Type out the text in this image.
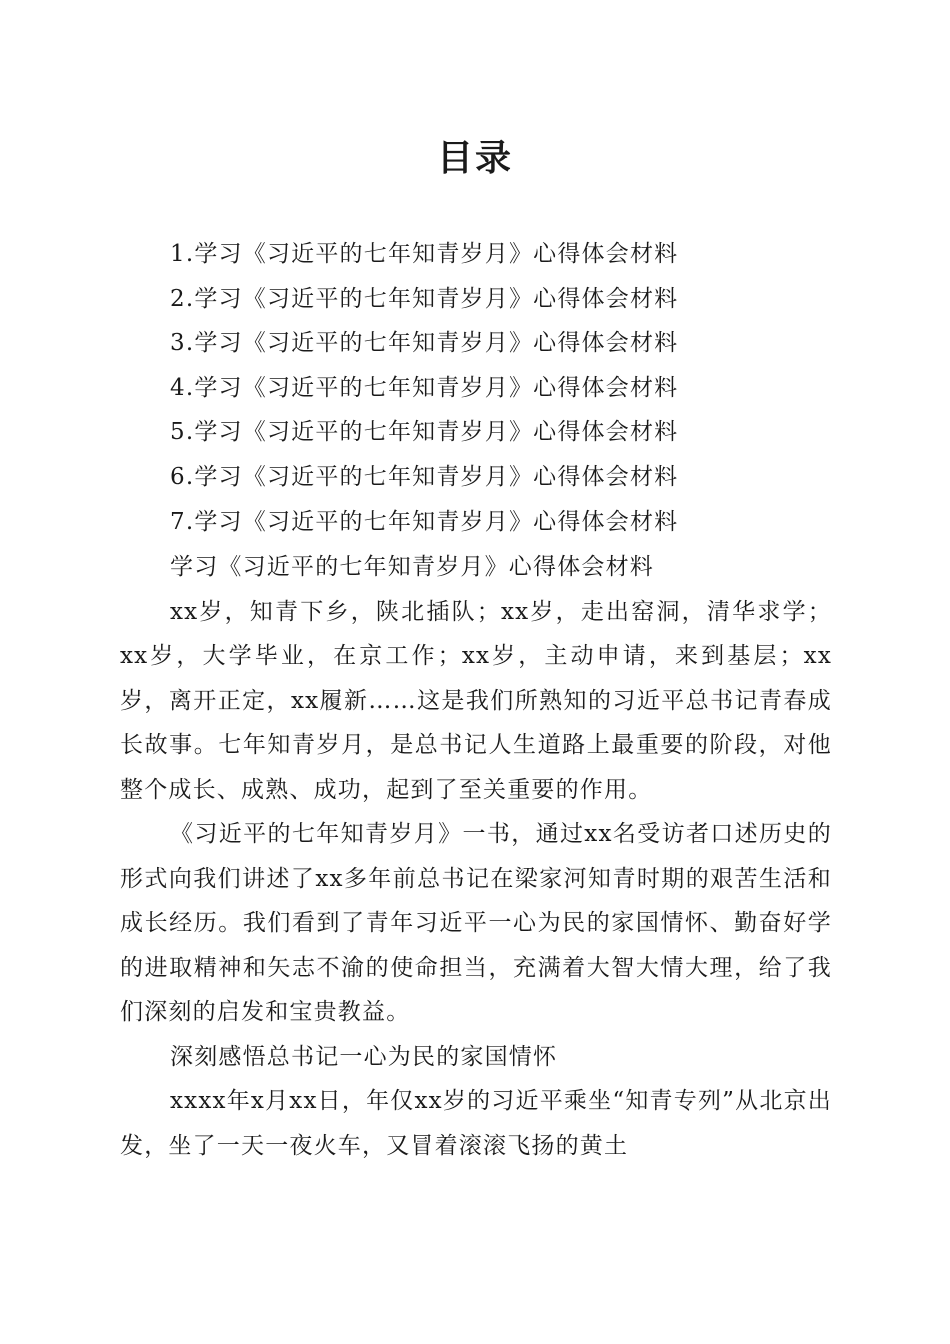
目录
1.学习《习近平的七年知青岁月》心得体会材料
2.学习《习近平的七年知青岁月》心得体会材料
3.学习《习近平的七年知青岁月》心得体会材料
4.学习《习近平的七年知青岁月》心得体会材料
5.学习《习近平的七年知青岁月》心得体会材料
6.学习《习近平的七年知青岁月》心得体会材料
7.学习《习近平的七年知青岁月》心得体会材料

学习《习近平的七年知青岁月》心得体会材料

xx岁，知青下乡，陕北插队；xx岁，走出窑洞，清华求学；xx岁，大学毕业，在京工作；xx岁，主动申请，来到基层；xx岁，离开正定，xx履新……这是我们所熟知的习近平总书记青春成长故事。七年知青岁月，是总书记人生道路上最重要的阶段，对他整个成长、成熟、成功，起到了至关重要的作用。

《习近平的七年知青岁月》一书，通过xx名受访者口述历史的形式向我们讲述了xx多年前总书记在梁家河知青时期的艰苦生活和成长经历。我们看到了青年习近平一心为民的家国情怀、勤奋好学的进取精神和矢志不渝的使命担当，充满着大智大情大理，给了我们深刻的启发和宝贵教益。

深刻感悟总书记一心为民的家国情怀

xxxx年x月xx日，年仅xx岁的习近平乘坐“知青专列”从北京出发，坐了一天一夜火车，又冒着滚滚飞扬的黄土
